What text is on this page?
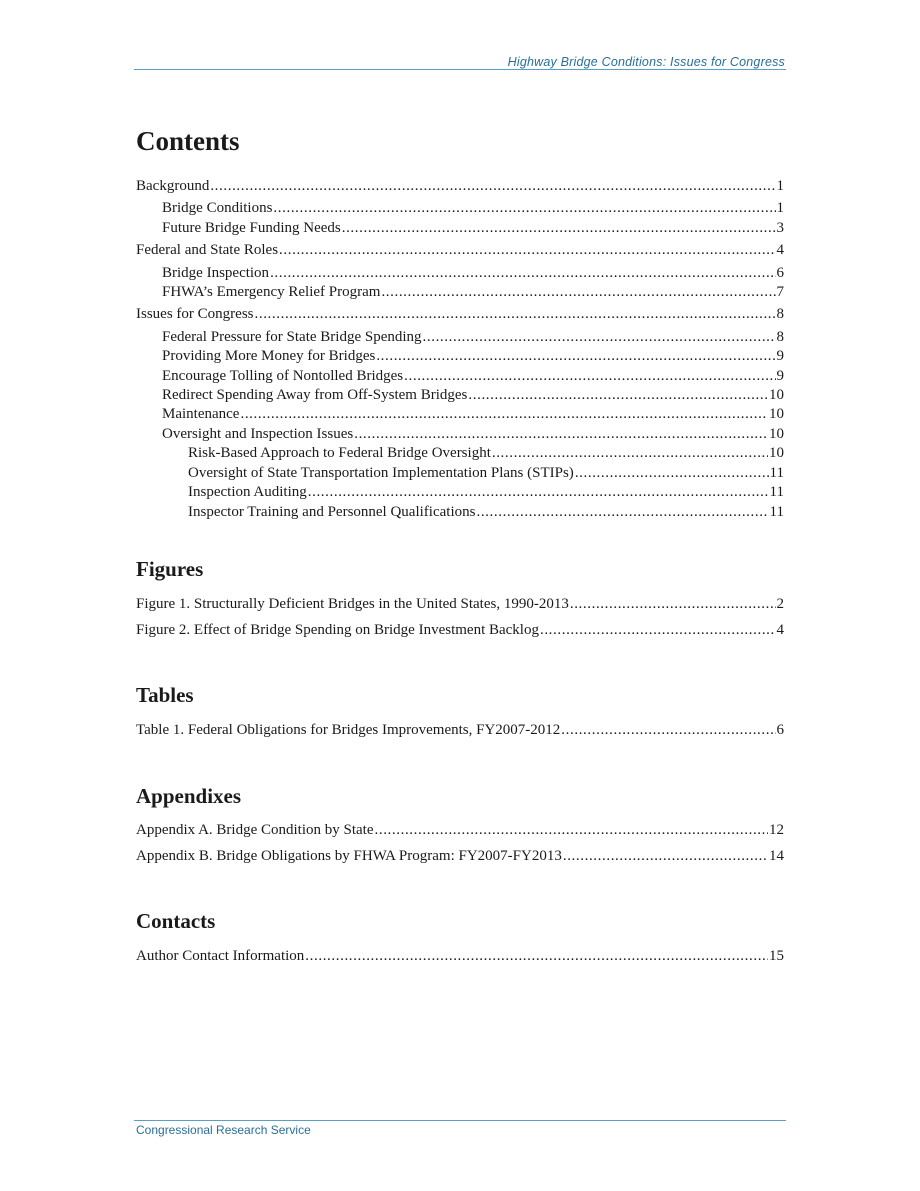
Highway Bridge Conditions: Issues for Congress
Contents
Background .....	1
Bridge Conditions .....	1
Future Bridge Funding Needs .....	3
Federal and State Roles .....	4
Bridge Inspection .....	6
FHWA’s Emergency Relief Program .....	7
Issues for Congress .....	8
Federal Pressure for State Bridge Spending .....	8
Providing More Money for Bridges .....	9
Encourage Tolling of Nontolled Bridges .....	9
Redirect Spending Away from Off-System Bridges .....	10
Maintenance .....	10
Oversight and Inspection Issues .....	10
Risk-Based Approach to Federal Bridge Oversight .....	10
Oversight of State Transportation Implementation Plans (STIPs) .....	11
Inspection Auditing .....	11
Inspector Training and Personnel Qualifications .....	11
Figures
Figure 1. Structurally Deficient Bridges in the United States, 1990-2013 .....	2
Figure 2. Effect of Bridge Spending on Bridge Investment Backlog .....	4
Tables
Table 1. Federal Obligations for Bridges Improvements, FY2007-2012 .....	6
Appendixes
Appendix A. Bridge Condition by State .....	12
Appendix B. Bridge Obligations by FHWA Program: FY2007-FY2013 .....	14
Contacts
Author Contact Information .....	15
Congressional Research Service
